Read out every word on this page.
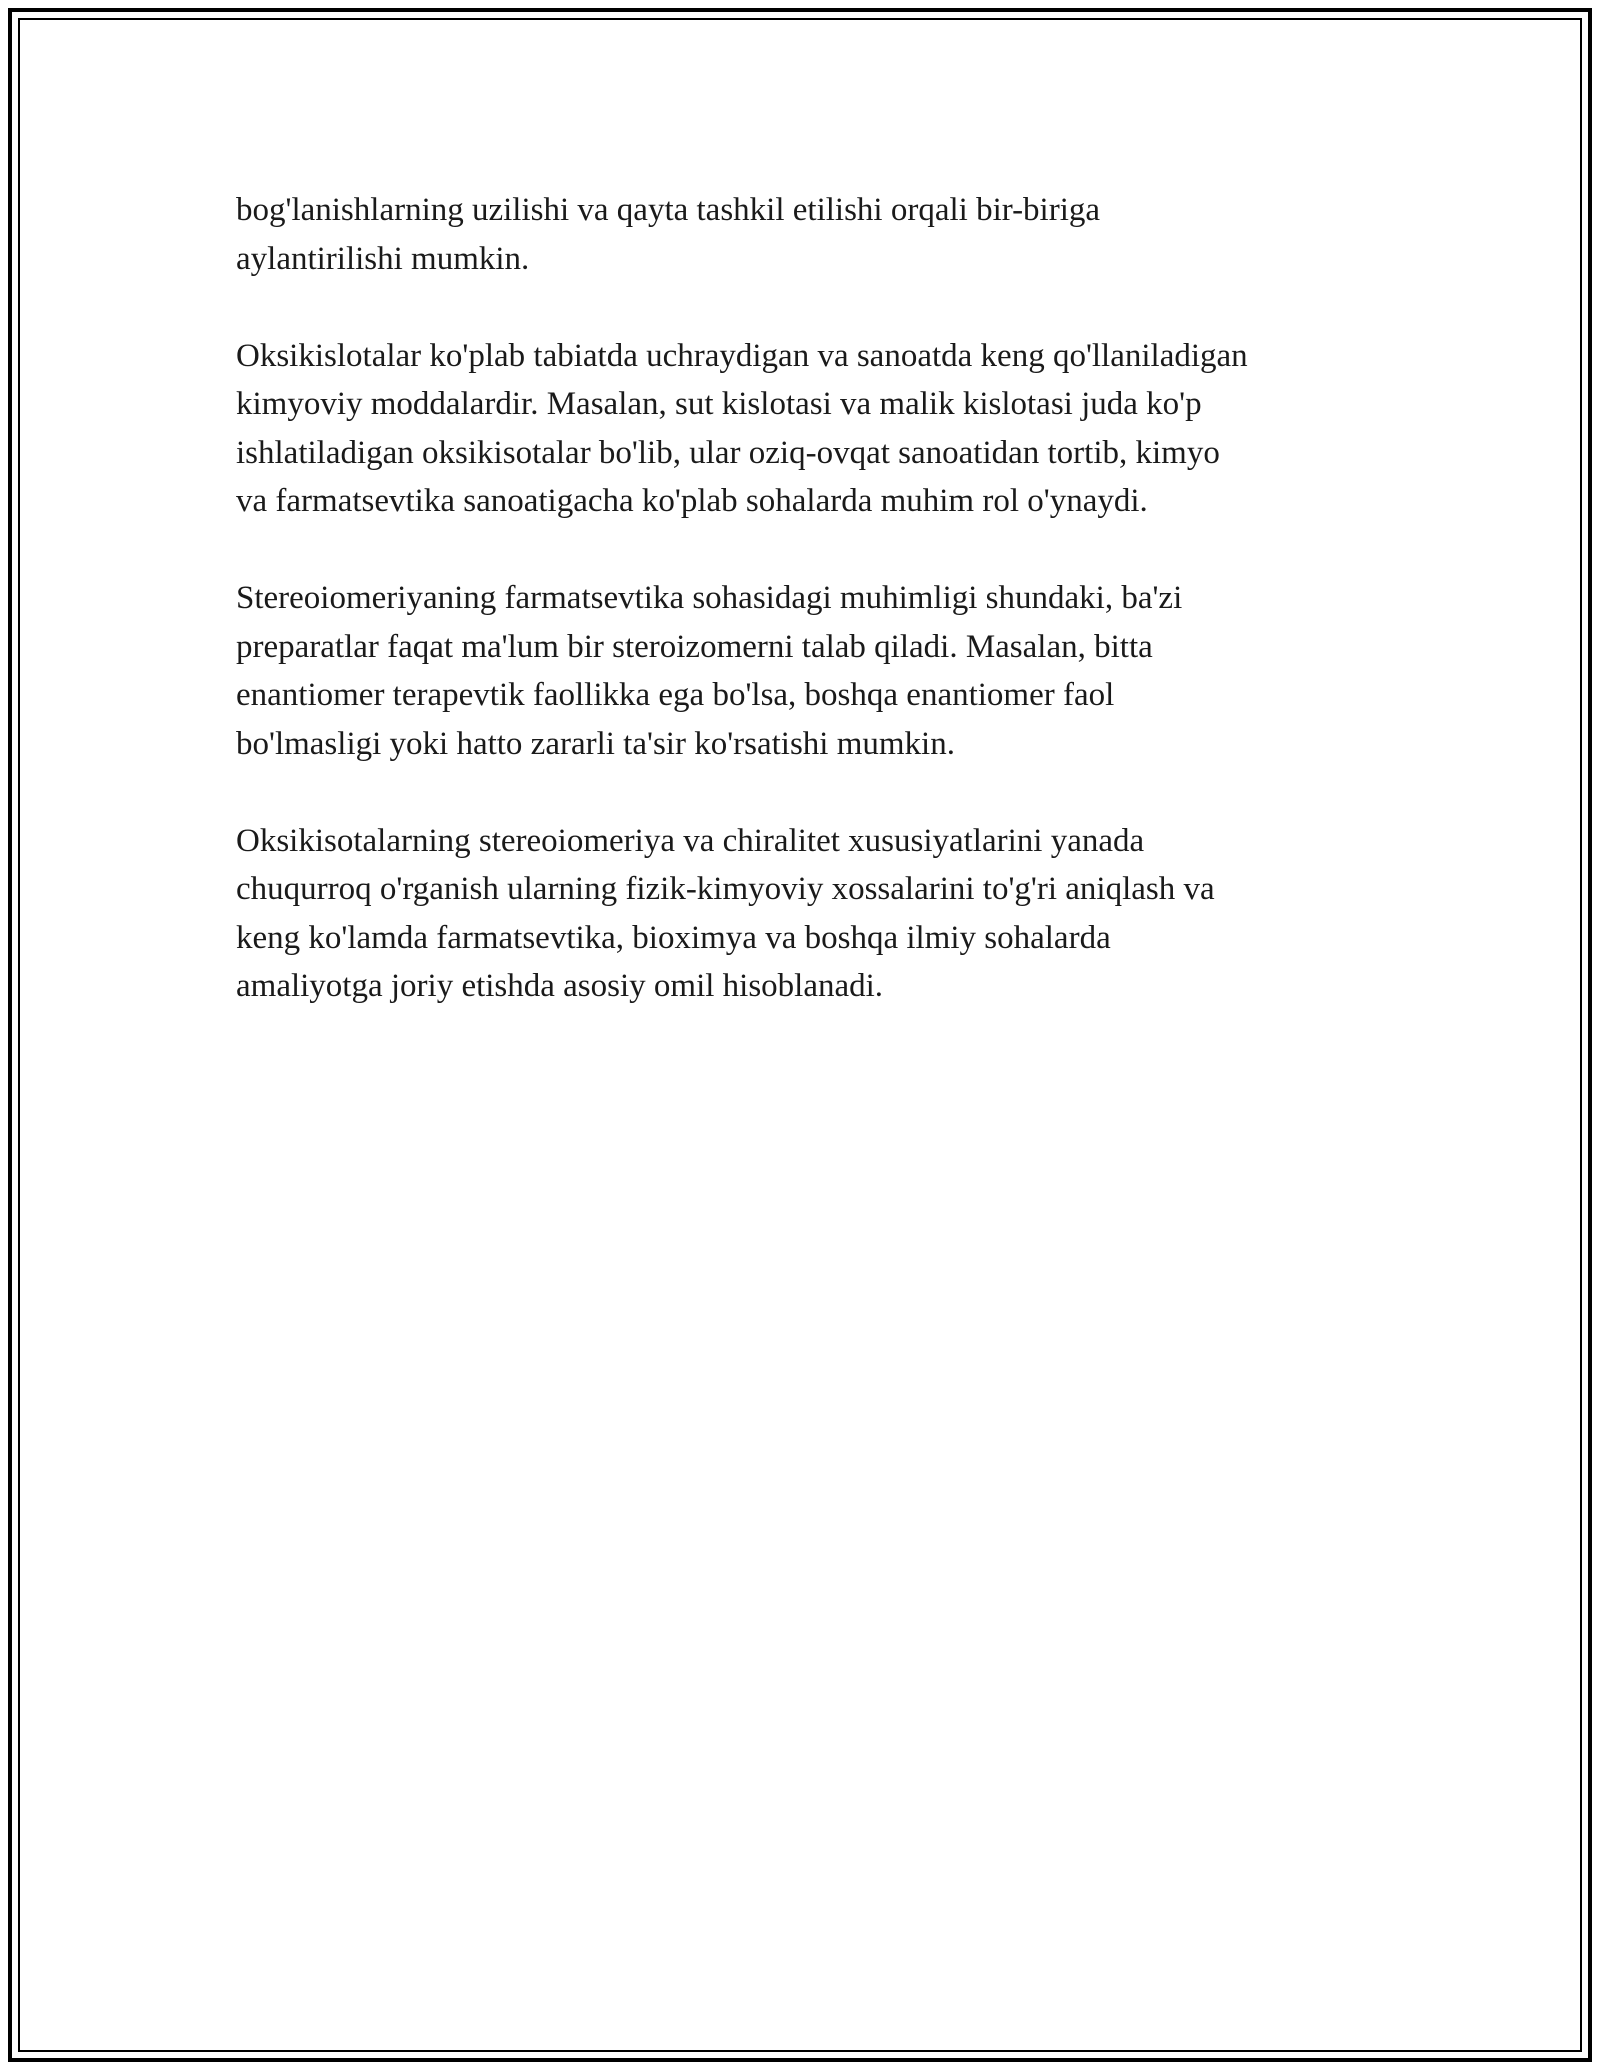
bog'lanishlarning uzilishi va qayta tashkil etilishi orqali bir-biriga
aylantirilishi mumkin.

Oksikislotalar ko'plab tabiatda uchraydigan va sanoatda keng qo'llaniladigan
kimyoviy moddalardir. Masalan, sut kislotasi va malik kislotasi juda ko'p
ishlatiladigan oksikisotalar bo'lib, ular oziq-ovqat sanoatidan tortib, kimyo
va farmatsevtika sanoatigacha ko'plab sohalarda muhim rol o'ynaydi.

Stereoiomeriyaning farmatsevtika sohasidagi muhimligi shundaki, ba'zi
preparatlar faqat ma'lum bir steroizomerni talab qiladi. Masalan, bitta
enantiomer terapevtik faollikka ega bo'lsa, boshqa enantiomer faol
bo'lmasligi yoki hatto zararli ta'sir ko'rsatishi mumkin.

Oksikisotalarning stereoiomeriya va chiralitet xususiyatlarini yanada
chuqurroq o'rganish ularning fizik-kimyoviy xossalarini to'g'ri aniqlash va
keng ko'lamda farmatsevtika, bioximya va boshqa ilmiy sohalarda
amaliyotga joriy etishda asosiy omil hisoblanadi.
